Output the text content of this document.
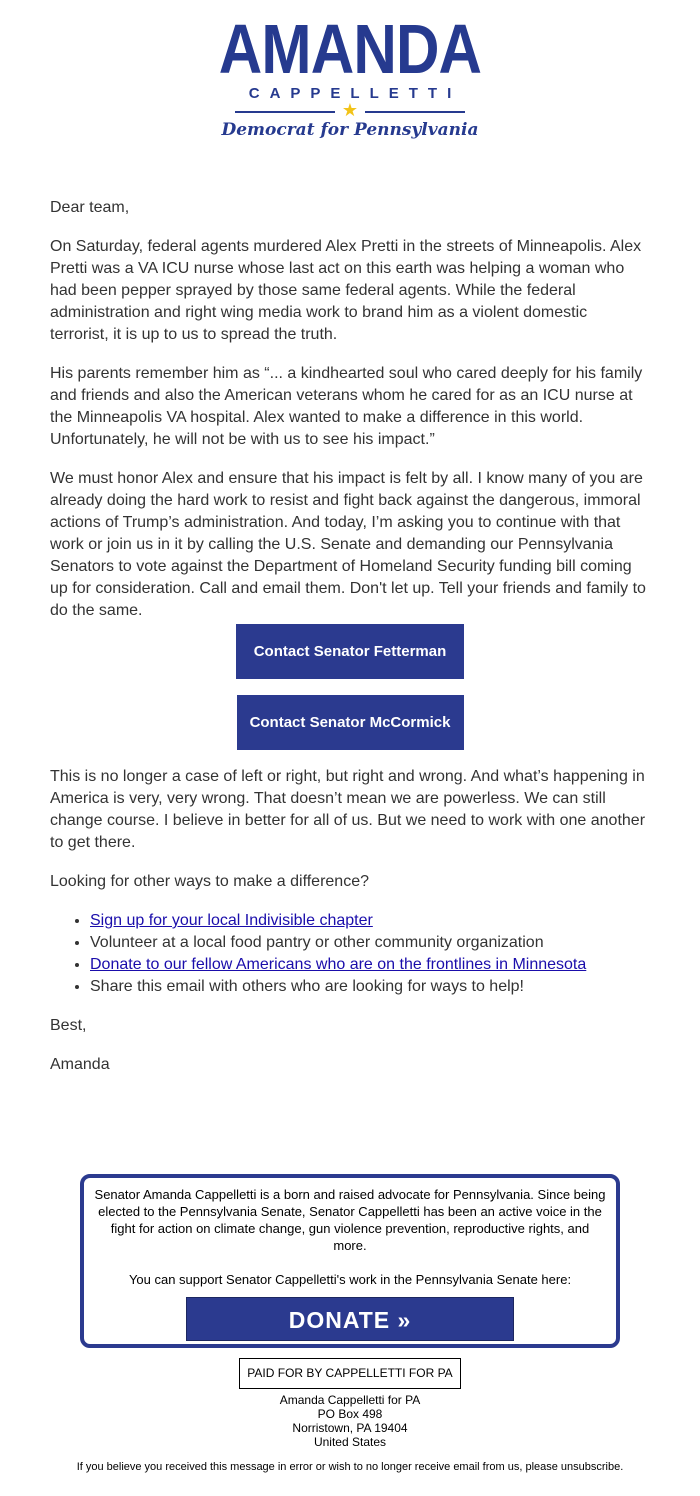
AMANDA
CAPPELLETTI
★
Democrat for Pennsylvania

Dear team,

On Saturday, federal agents murdered Alex Pretti in the streets of Minneapolis. Alex Pretti was a VA ICU nurse whose last act on this earth was helping a woman who had been pepper sprayed by those same federal agents. While the federal administration and right wing media work to brand him as a violent domestic terrorist, it is up to us to spread the truth.

His parents remember him as “... a kindhearted soul who cared deeply for his family and friends and also the American veterans whom he cared for as an ICU nurse at the Minneapolis VA hospital. Alex wanted to make a difference in this world. Unfortunately, he will not be with us to see his impact.”

We must honor Alex and ensure that his impact is felt by all. I know many of you are already doing the hard work to resist and fight back against the dangerous, immoral actions of Trump’s administration. And today, I’m asking you to continue with that work or join us in it by calling the U.S. Senate and demanding our Pennsylvania Senators to vote against the Department of Homeland Security funding bill coming up for consideration. Call and email them. Don't let up. Tell your friends and family to do the same.

Contact Senator Fetterman
Contact Senator McCormick

This is no longer a case of left or right, but right and wrong. And what’s happening in America is very, very wrong. That doesn’t mean we are powerless. We can still change course. I believe in better for all of us. But we need to work with one another to get there.

Looking for other ways to make a difference?

• Sign up for your local Indivisible chapter
• Volunteer at a local food pantry or other community organization
• Donate to our fellow Americans who are on the frontlines in Minnesota
• Share this email with others who are looking for ways to help!

Best,

Amanda

Senator Amanda Cappelletti is a born and raised advocate for Pennsylvania. Since being elected to the Pennsylvania Senate, Senator Cappelletti has been an active voice in the fight for action on climate change, gun violence prevention, reproductive rights, and more.

You can support Senator Cappelletti's work in the Pennsylvania Senate here:

DONATE »
PAID FOR BY CAPPELLETTI FOR PA
Amanda Cappelletti for PA
PO Box 498
Norristown, PA 19404
United States
If you believe you received this message in error or wish to no longer receive email from us, please unsubscribe.
